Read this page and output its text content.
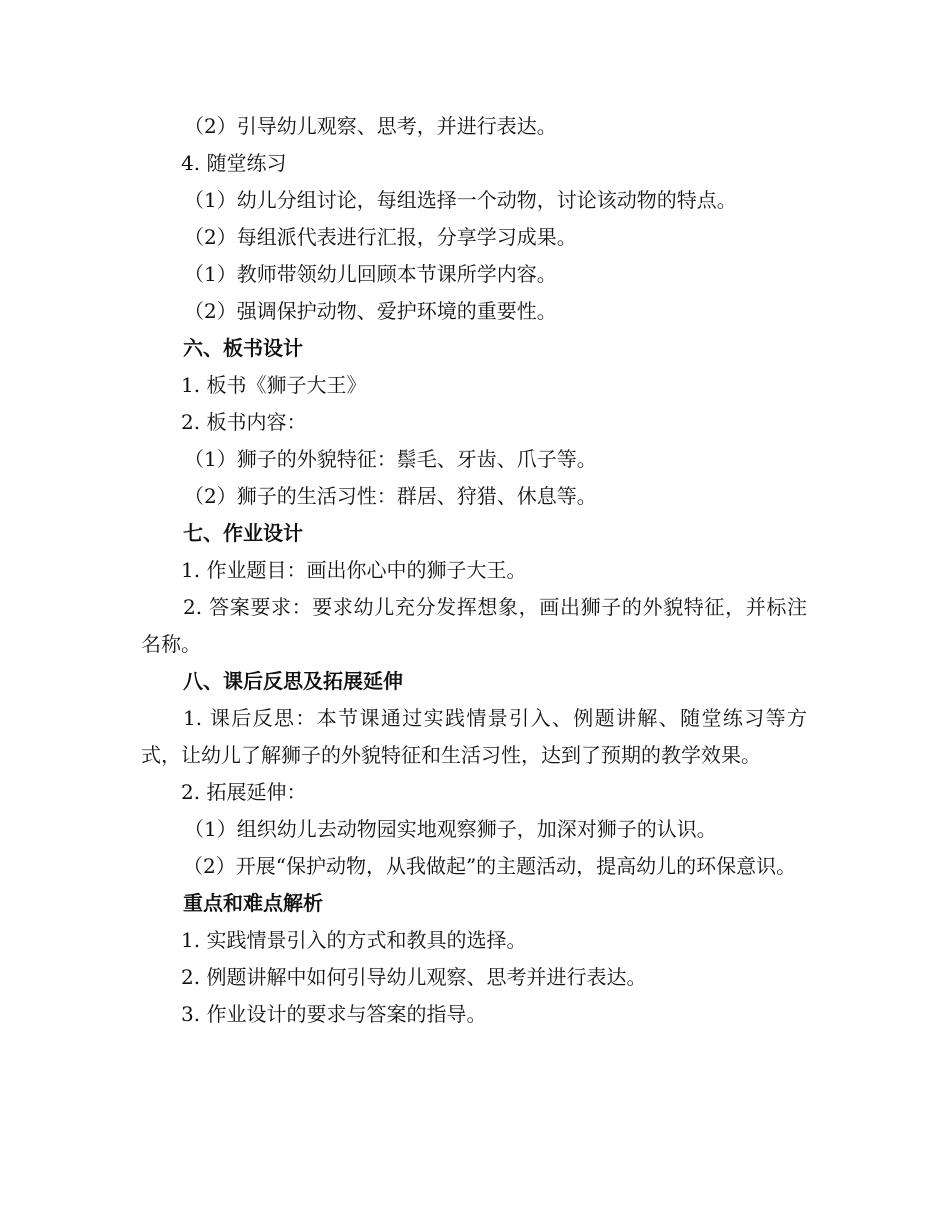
（2）引导幼儿观察、思考，并进行表达。

4. 随堂练习

（1）幼儿分组讨论，每组选择一个动物，讨论该动物的特点。

（2）每组派代表进行汇报，分享学习成果。

（1）教师带领幼儿回顾本节课所学内容。

（2）强调保护动物、爱护环境的重要性。

六、板书设计

1. 板书《狮子大王》

2. 板书内容：

（1）狮子的外貌特征：鬃毛、牙齿、爪子等。

（2）狮子的生活习性：群居、狩猎、休息等。

七、作业设计

1. 作业题目：画出你心中的狮子大王。

2. 答案要求：要求幼儿充分发挥想象，画出狮子的外貌特征，并标注名称。

八、课后反思及拓展延伸

1. 课后反思：本节课通过实践情景引入、例题讲解、随堂练习等方式，让幼儿了解狮子的外貌特征和生活习性，达到了预期的教学效果。

2. 拓展延伸：

（1）组织幼儿去动物园实地观察狮子，加深对狮子的认识。

（2）开展“保护动物，从我做起”的主题活动，提高幼儿的环保意识。

重点和难点解析

1. 实践情景引入的方式和教具的选择。

2. 例题讲解中如何引导幼儿观察、思考并进行表达。

3. 作业设计的要求与答案的指导。
